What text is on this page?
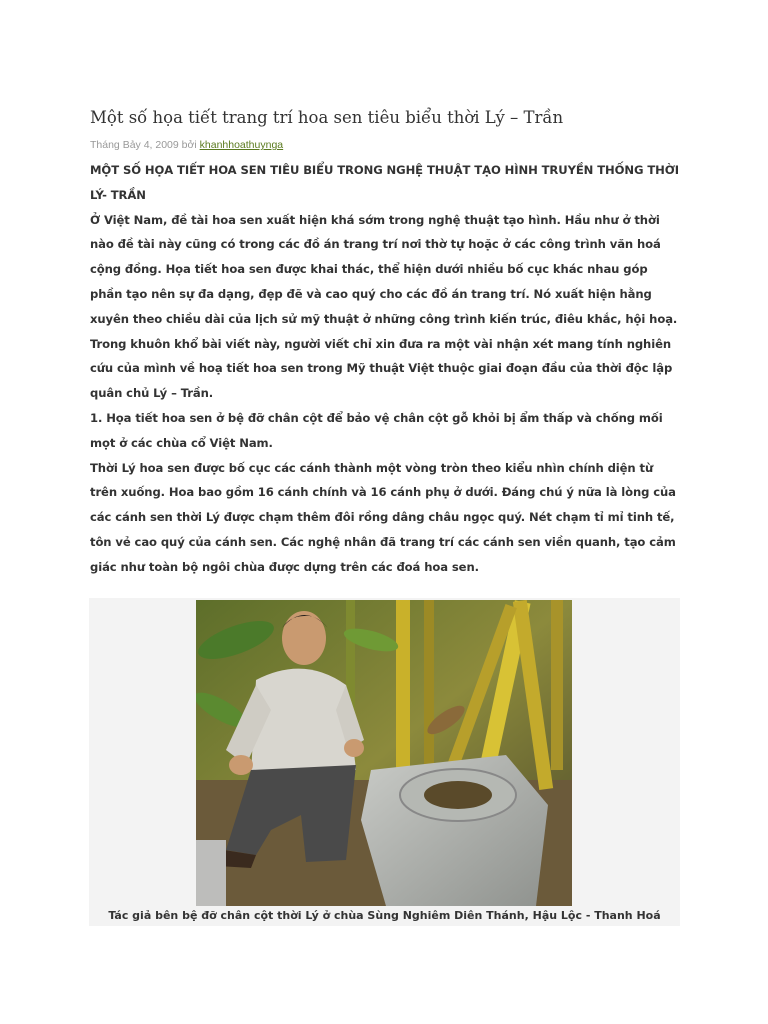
Một số họa tiết trang trí hoa sen tiêu biểu thời Lý – Trần
Tháng Bảy 4, 2009 bởi khanhhoathuynga

MỘT SỐ HỌA TIẾT HOA SEN TIÊU BIỂU TRONG NGHỆ THUẬT TẠO HÌNH TRUYỀN THỐNG THỜI LÝ- TRẦN

Ở Việt Nam, đề tài hoa sen xuất hiện khá sớm trong nghệ thuật tạo hình. Hầu như ở thời nào đề tài này cũng có trong các đồ án trang trí nơi thờ tự hoặc ở các công trình văn hoá cộng đồng. Họa tiết hoa sen được khai thác, thể hiện dưới nhiều bố cục khác nhau góp phần tạo nên sự đa dạng, đẹp đẽ và cao quý cho các đồ án trang trí. Nó xuất hiện hằng xuyên theo chiều dài của lịch sử mỹ thuật ở những công trình kiến trúc, điêu khắc, hội hoạ. Trong khuôn khổ bài viết này, người viết chỉ xin đưa ra một vài nhận xét mang tính nghiên cứu của mình về hoạ tiết hoa sen trong Mỹ thuật Việt thuộc giai đoạn đầu của thời độc lập quân chủ Lý – Trần.

1. Họa tiết hoa sen ở bệ đỡ chân cột để bảo vệ chân cột gỗ khỏi bị ẩm thấp và chống mối mọt ở các chùa cổ Việt Nam.

Thời Lý hoa sen được bố cục các cánh thành một vòng tròn theo kiểu nhìn chính diện từ trên xuống. Hoa bao gồm 16 cánh chính và 16 cánh phụ ở dưới. Đáng chú ý nữa là lòng của các cánh sen thời Lý được chạm thêm đôi rồng dâng châu ngọc quý. Nét chạm tỉ mỉ tinh tế, tôn vẻ cao quý của cánh sen. Các nghệ nhân đã trang trí các cánh sen viền quanh, tạo cảm giác như toàn bộ ngôi chùa được dựng trên các đoá hoa sen.

Tác giả bên bệ đỡ chân cột thời Lý ở chùa Sùng Nghiêm Diên Thánh, Hậu Lộc - Thanh Hoá
